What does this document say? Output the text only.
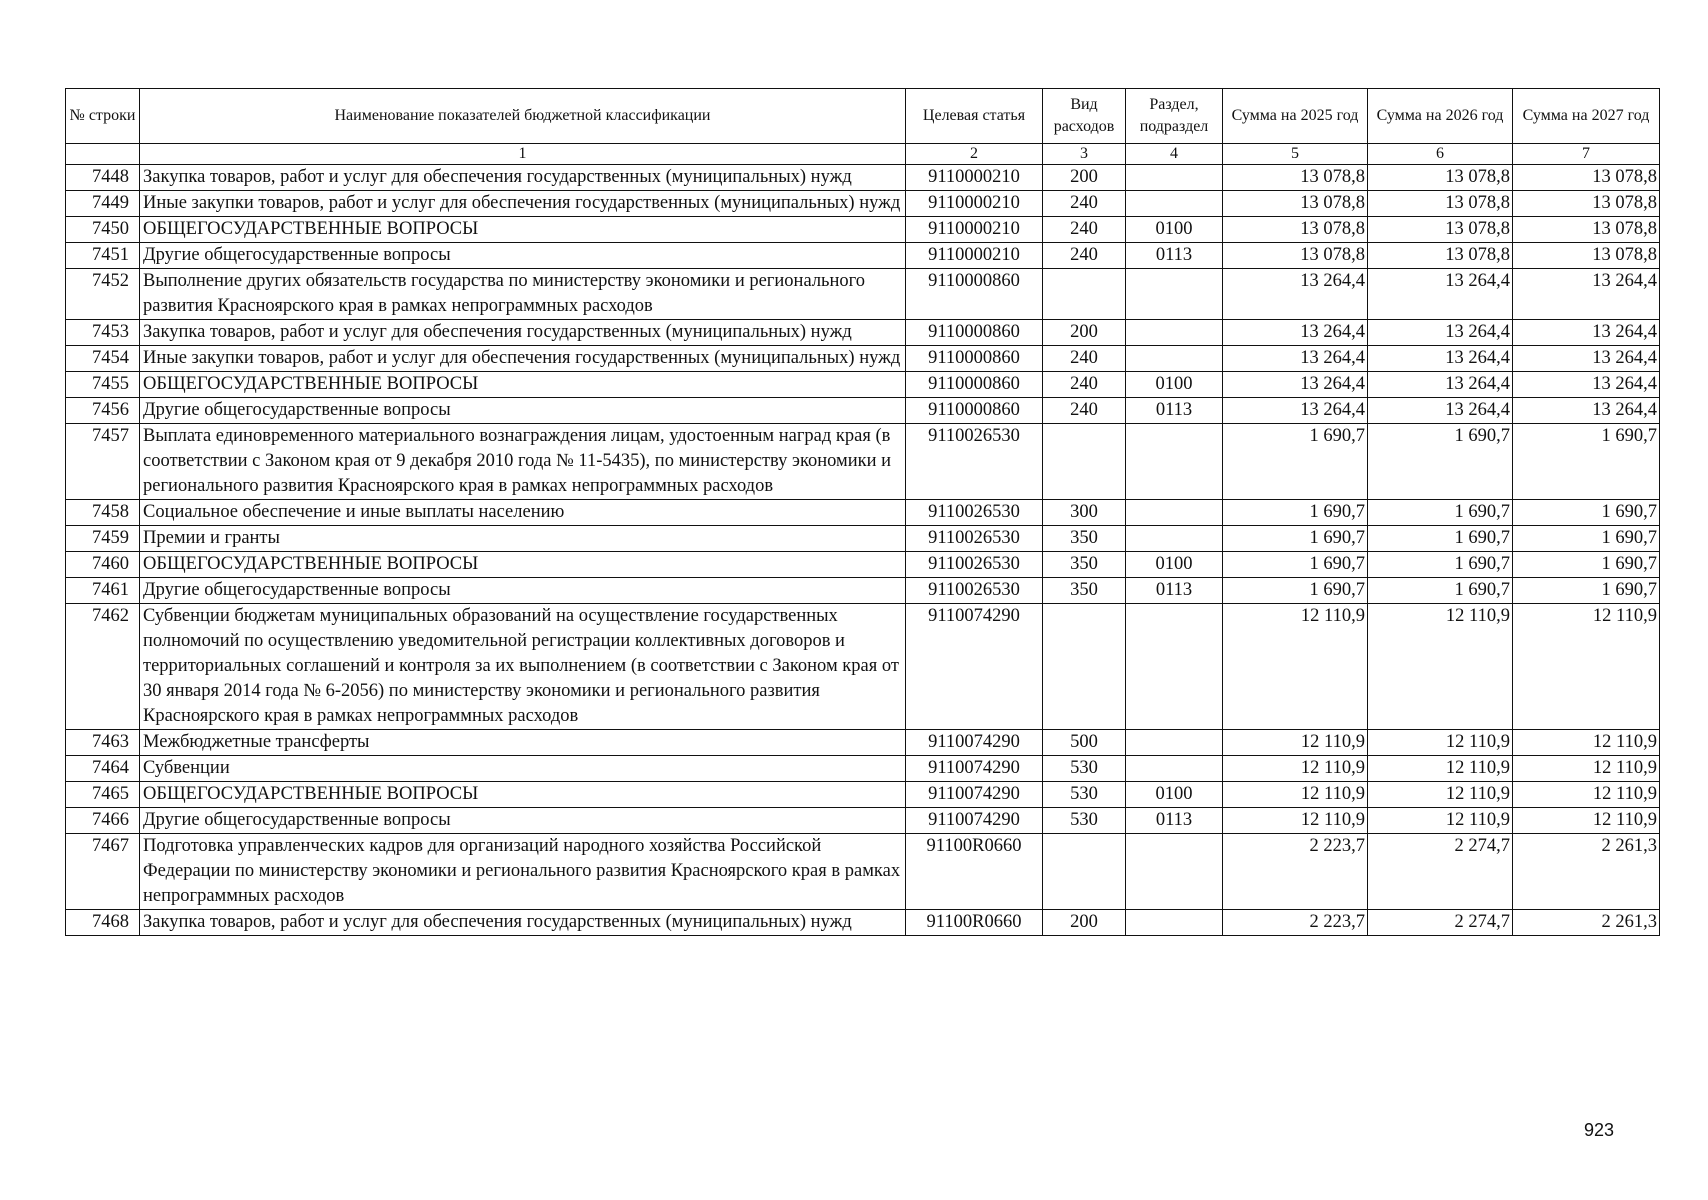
№ строки	Наименование показателей бюджетной классификации	Целевая статья	Вид расходов	Раздел, подраздел	Сумма на 2025 год	Сумма на 2026 год	Сумма на 2027 год
	1	2	3	4	5	6	7
7448	Закупка товаров, работ и услуг для обеспечения государственных (муниципальных) нужд	9110000210	200		13 078,8	13 078,8	13 078,8
7449	Иные закупки товаров, работ и услуг для обеспечения государственных (муниципальных) нужд	9110000210	240		13 078,8	13 078,8	13 078,8
7450	ОБЩЕГОСУДАРСТВЕННЫЕ ВОПРОСЫ	9110000210	240	0100	13 078,8	13 078,8	13 078,8
7451	Другие общегосударственные вопросы	9110000210	240	0113	13 078,8	13 078,8	13 078,8
7452	Выполнение других обязательств государства по министерству экономики и регионального развития Красноярского края в рамках непрограммных расходов	9110000860			13 264,4	13 264,4	13 264,4
7453	Закупка товаров, работ и услуг для обеспечения государственных (муниципальных) нужд	9110000860	200		13 264,4	13 264,4	13 264,4
7454	Иные закупки товаров, работ и услуг для обеспечения государственных (муниципальных) нужд	9110000860	240		13 264,4	13 264,4	13 264,4
7455	ОБЩЕГОСУДАРСТВЕННЫЕ ВОПРОСЫ	9110000860	240	0100	13 264,4	13 264,4	13 264,4
7456	Другие общегосударственные вопросы	9110000860	240	0113	13 264,4	13 264,4	13 264,4
7457	Выплата единовременного материального вознаграждения лицам, удостоенным наград края (в соответствии с Законом края от 9 декабря 2010 года № 11-5435), по министерству экономики и регионального развития Красноярского края в рамках непрограммных расходов	9110026530			1 690,7	1 690,7	1 690,7
7458	Социальное обеспечение и иные выплаты населению	9110026530	300		1 690,7	1 690,7	1 690,7
7459	Премии и гранты	9110026530	350		1 690,7	1 690,7	1 690,7
7460	ОБЩЕГОСУДАРСТВЕННЫЕ ВОПРОСЫ	9110026530	350	0100	1 690,7	1 690,7	1 690,7
7461	Другие общегосударственные вопросы	9110026530	350	0113	1 690,7	1 690,7	1 690,7
7462	Субвенции бюджетам муниципальных образований на осуществление государственных полномочий по осуществлению уведомительной регистрации коллективных договоров и территориальных соглашений и контроля за их выполнением (в соответствии с Законом края от 30 января 2014 года № 6-2056) по министерству экономики и регионального развития Красноярского края в рамках непрограммных расходов	9110074290			12 110,9	12 110,9	12 110,9
7463	Межбюджетные трансферты	9110074290	500		12 110,9	12 110,9	12 110,9
7464	Субвенции	9110074290	530		12 110,9	12 110,9	12 110,9
7465	ОБЩЕГОСУДАРСТВЕННЫЕ ВОПРОСЫ	9110074290	530	0100	12 110,9	12 110,9	12 110,9
7466	Другие общегосударственные вопросы	9110074290	530	0113	12 110,9	12 110,9	12 110,9
7467	Подготовка управленческих кадров для организаций народного хозяйства Российской Федерации по министерству экономики и регионального развития Красноярского края в рамках непрограммных расходов	91100R0660			2 223,7	2 274,7	2 261,3
7468	Закупка товаров, работ и услуг для обеспечения государственных (муниципальных) нужд	91100R0660	200		2 223,7	2 274,7	2 261,3
923
